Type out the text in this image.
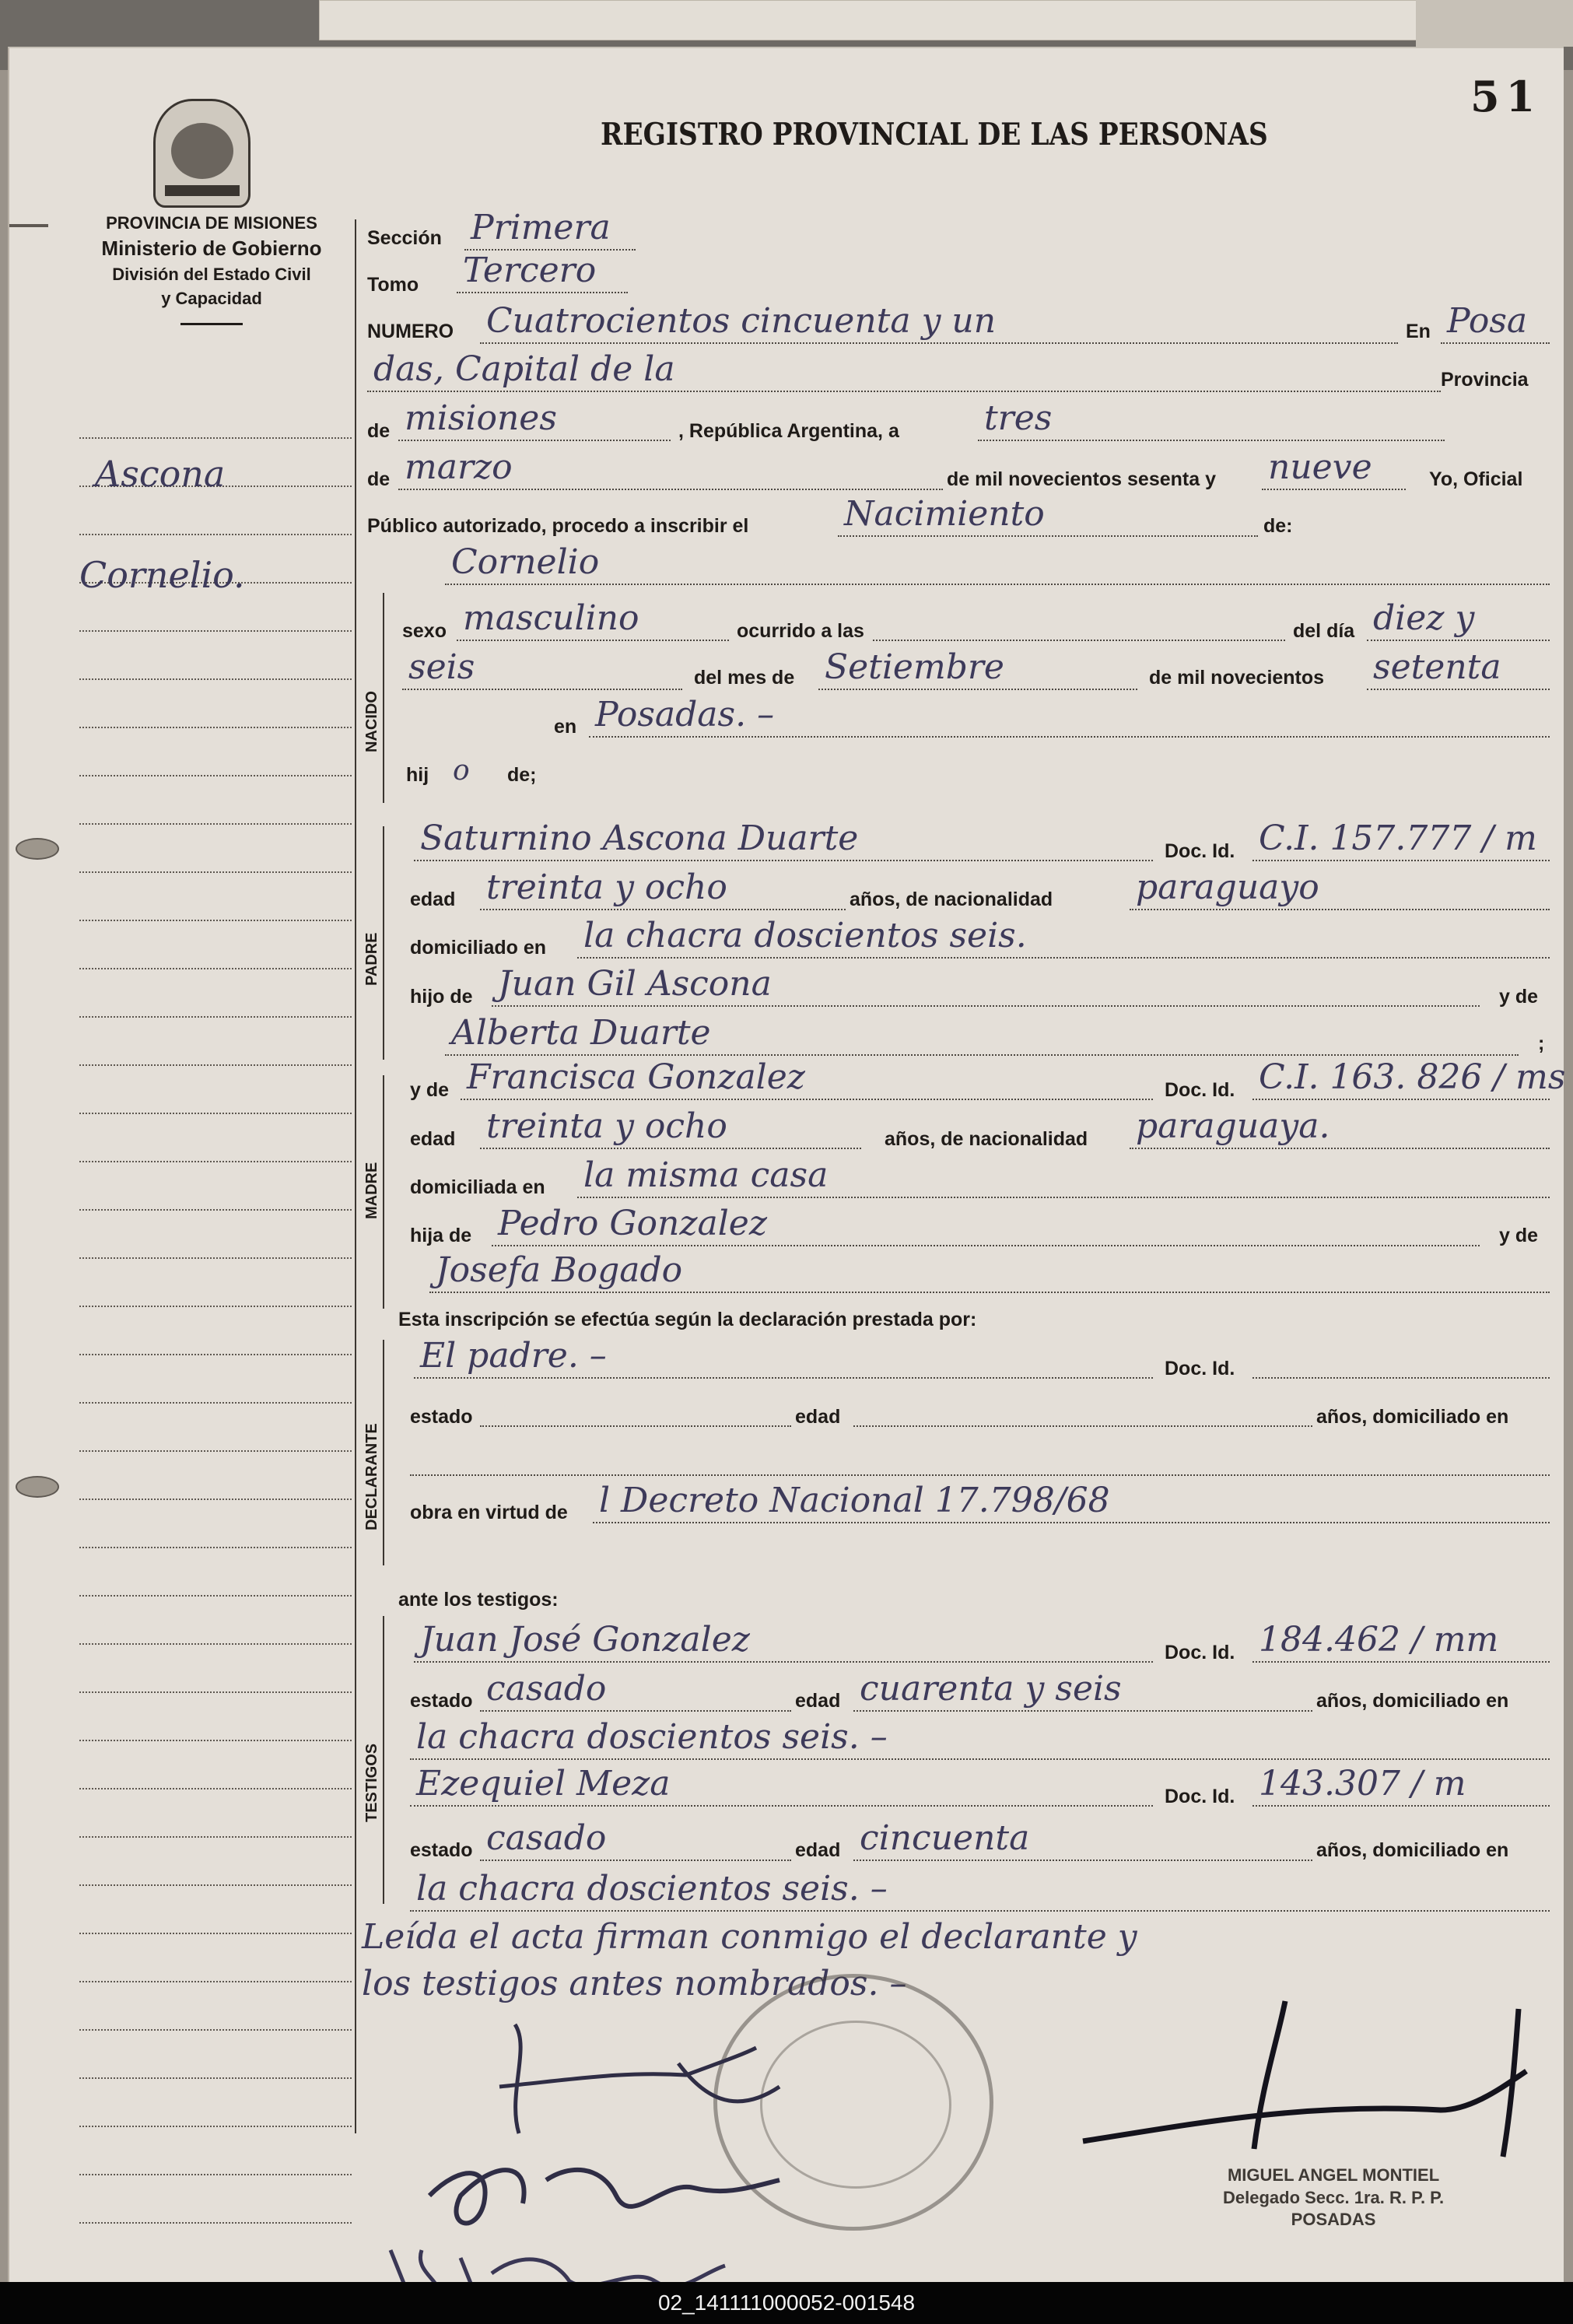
PROVINCIA DE MISIONES
Ministerio de Gobierno
División del Estado Civil
y Capacidad
Ascona
Cornelio.
51
REGISTRO PROVINCIAL DE LAS PERSONAS
Sección Primera
Tomo Tercero
NUMERO Cuatrocientos cincuenta y un	En Posa
das, Capital de la	Provincia
de misiones	, República Argentina, a tres
de marzo	de mil novecientos sesenta y nueve	Yo, Oficial
Público autorizado, procedo a inscribir el	Nacimiento	de:
Cornelio
NACIDO
sexo masculino	ocurrido a las	del día diez y
seis	del mes de Setiembre	de mil novecientos setenta
en Posadas. –
hij o de;
PADRE
Saturnino Ascona Duarte	Doc. Id. C.I. 157.777 / m
edad treinta y ocho	años, de nacionalidad paraguayo
domiciliado en la chacra doscientos seis.
hijo de Juan Gil Ascona	y de
Alberta Duarte	;
MADRE
y de Francisca Gonzalez	Doc. Id. C.I. 163. 826 / ms
edad treinta y ocho	años, de nacionalidad paraguaya.
domiciliada en la misma casa
hija de Pedro Gonzalez	y de
Josefa Bogado
Esta inscripción se efectúa según la declaración prestada por:
DECLARANTE
El padre. –	Doc. Id.
estado	edad	años, domiciliado en
obra en virtud de l Decreto Nacional 17.798/68
ante los testigos:
TESTIGOS
Juan José Gonzalez	Doc. Id. 184.462 / mm
estado casado	edad cuarenta y seis	años, domiciliado en
la chacra doscientos seis. –
Ezequiel Meza	Doc. Id. 143.307 / m
estado casado	edad cincuenta	años, domiciliado en
la chacra doscientos seis. –
Leída el acta firman conmigo el declarante y
los testigos antes nombrados. –
MIGUEL ANGEL MONTIEL
Delegado Secc. 1ra. R. P. P.
POSADAS
02_141111000052-001548
